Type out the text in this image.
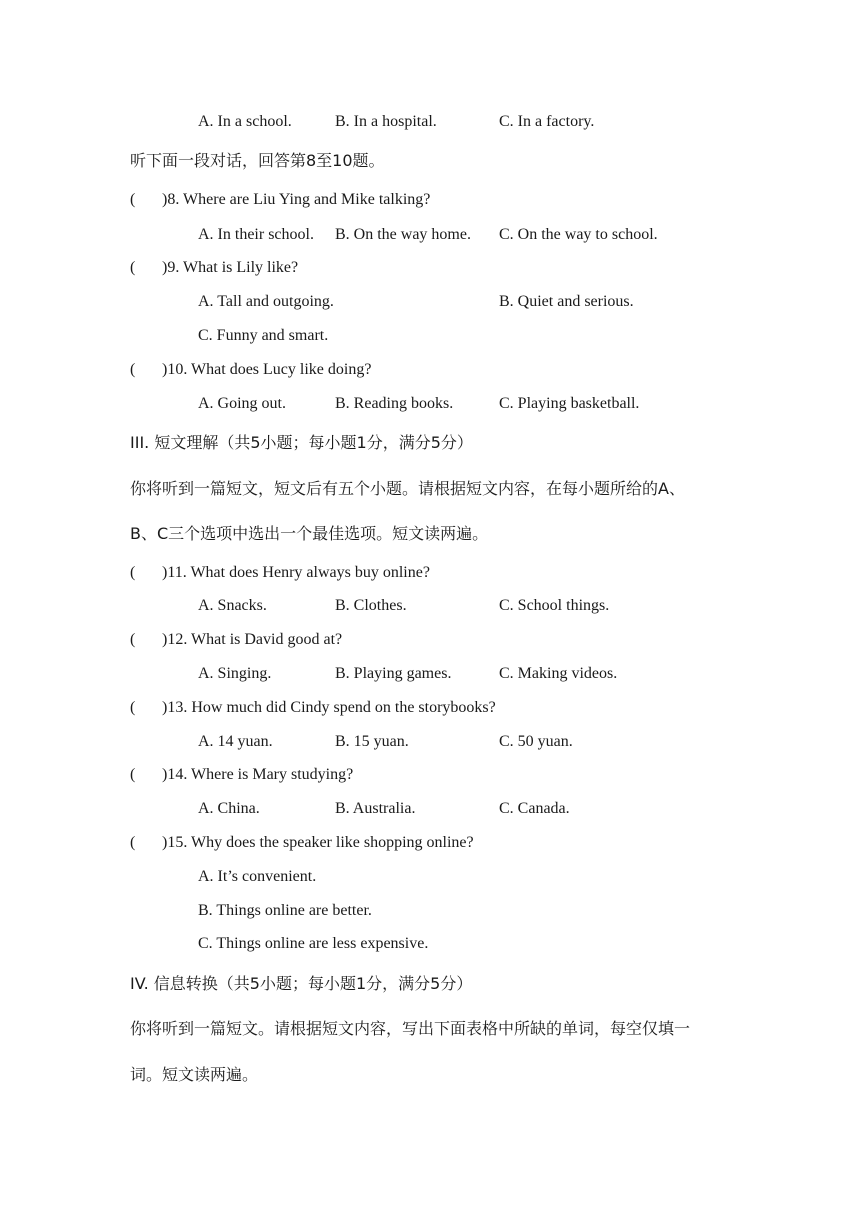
A. In a school.	B. In a hospital.	C. In a factory.
听下面一段对话，回答第8至10题。
( )8. Where are Liu Ying and Mike talking?
A. In their school. B. On the way home. C. On the way to school.
( )9. What is Lily like?
A. Tall and outgoing.	B. Quiet and serious.
C. Funny and smart.
( )10. What does Lucy like doing?
A. Going out.	B. Reading books.	C. Playing basketball.
III. 短文理解（共5小题；每小题1分，满分5分）
你将听到一篇短文，短文后有五个小题。请根据短文内容，在每小题所给的A、
B、C三个选项中选出一个最佳选项。短文读两遍。
( )11. What does Henry always buy online?
A. Snacks.	B. Clothes.	C. School things.
( )12. What is David good at?
A. Singing.	B. Playing games.	C. Making videos.
( )13. How much did Cindy spend on the storybooks?
A. 14 yuan.	B. 15 yuan.	C. 50 yuan.
( )14. Where is Mary studying?
A. China.	B. Australia.	C. Canada.
( )15. Why does the speaker like shopping online?
A. It’s convenient.
B. Things online are better.
C. Things online are less expensive.
IV. 信息转换（共5小题；每小题1分，满分5分）
你将听到一篇短文。请根据短文内容，写出下面表格中所缺的单词，每空仅填一
词。短文读两遍。
